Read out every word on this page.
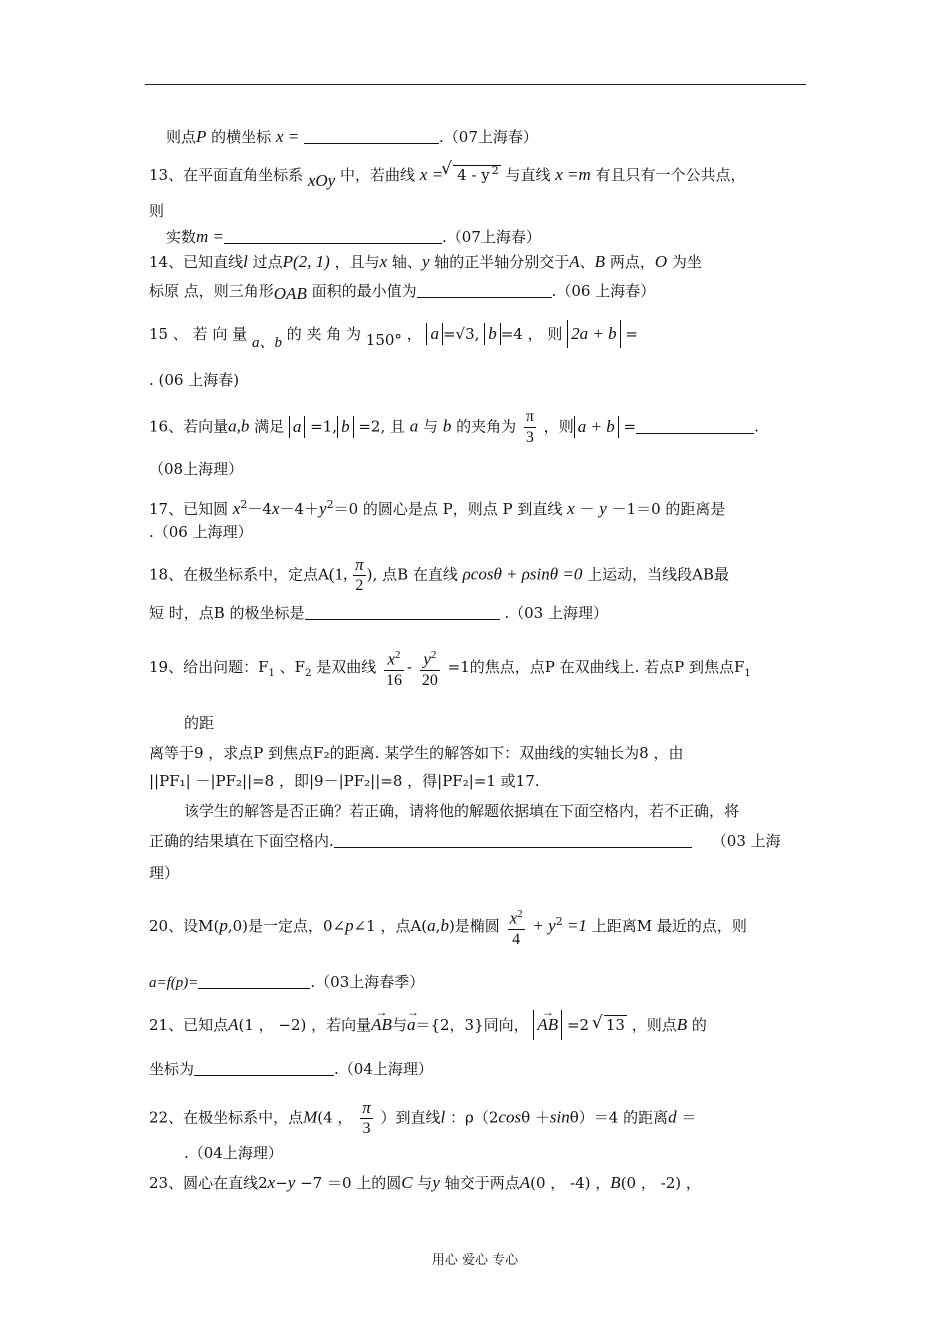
则点P 的横坐标 x =	.（07上海春）
13、在平面直角坐标系 xOy 中，若曲线 x = √ 4 - y $^2$ 与直线 x =m 有且只有一个公共点，
则
实数m =	.（07上海春）
14、已知直线l 过点P(2, 1) ，且与x 轴、y 轴的正半轴分别交于A、B 两点，O 为坐
标原 点，则三角形OAB 面积的最小值为	.（06 上海春）
15 、 若 向 量 a、b 的 夹 角 为 150° ， a =√3, b =4 ， 则 2a + b =
. (06 上海春)
16、若向量a,b 满足 a =1, b =2, 且 a 与 b 的夹角为 $\frac{\pi}{3}$ ，则 a + b =	.
（08上海理）
17、已知圆 $x^2-4x-4+y^2=0$ 的圆心是点 P，则点 P 到直线 x － y －1＝0 的距离是
.（06 上海理）
18、在极坐标系中，定点A(1, $\frac{\pi}{2}$ ), 点B 在直线 ρcosθ + ρsinθ =0 上运动，当线段AB最
短 时，点B 的极坐标是	.（03 上海理）
19、给出问题：$F_1$ 、$F_2$ 是双曲线 $\frac{x^2}{16} - \frac{y^2}{20} =1$的焦点，点P 在双曲线上. 若点P 到焦点$F_1$
的距
离等于9 ，求点P 到焦点F₂的距离. 某学生的解答如下：双曲线的实轴长为8 ，由
||PF₁| －|PF₂||=8 ，即|9－|PF₂||=8 ，得|PF₂|=1 或17.
该学生的解答是否正确？若正确，请将他的解题依据填在下面空格内，若不正确，将
正确的结果填在下面空格内.	（03 上海
理）
20、设M(p,0)是一定点，0∠p∠1 ，点A(a,b)是椭圆 $\frac{x^2}{4} + y^2 =1$ 上距离M 最近的点，则
a=f(p)=	.（03上海春季）
21、已知点A(1 ， −2) ，若向量→ AB与→ a＝{2，3}同向， → AB =2 √ 13 ，则点B 的
坐标为	.（04上海理）
22、在极坐标系中，点M(4 ， $\frac{\pi}{3}$ ）到直线l ：ρ（2cosθ ＋sinθ）＝4 的距离d ＝
.（04上海理）
23、圆心在直线2x−y −7 ＝0 上的圆C 与y 轴交于两点A(0 ， -4) ，B(0 ， -2) ，
用心 爱心 专心
